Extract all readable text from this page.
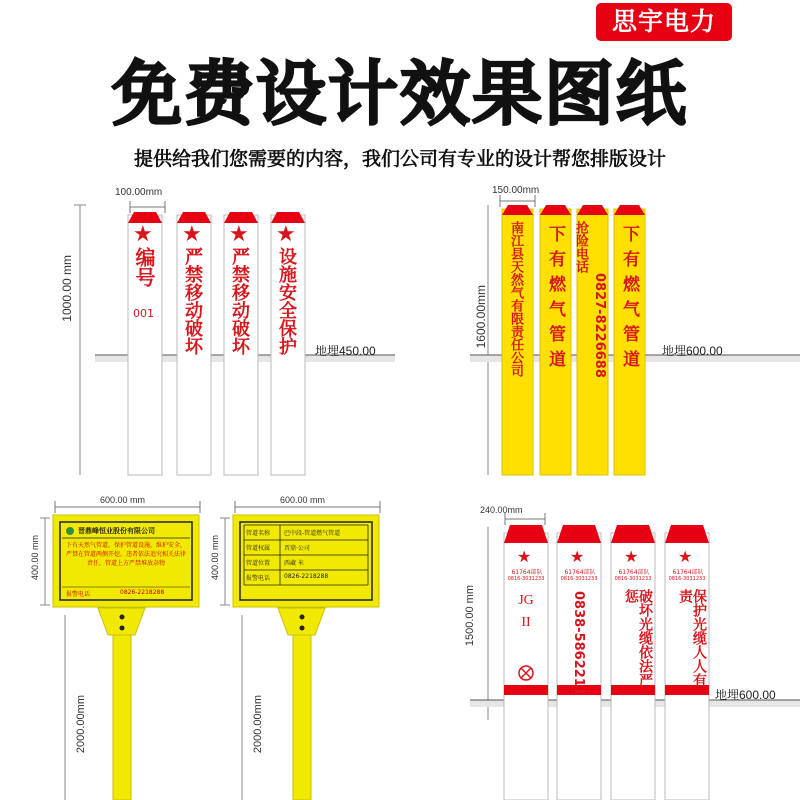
思宇电力
免费设计效果图纸
提供给我们您需要的内容，我们公司有专业的设计帮您排版设计
100.00mm
1000.00 mm
地埋450.00
★
编号
001
★
严禁移动破坏
★
严禁移动破坏
★
设施安全保护
150.00mm
1600.00mm
地埋600.00
南江县天然气有限责任公司 下有燃气管道 抢险电话
0827-8226688 下有燃气管道
600.00 mm
400.00 mm
2000.00mm
晋鼎峰恒业股份有限公司
下有天然气管道，保护管道设施，维护安全，严禁在管道两侧开挖，违者依法追究相关法律责任，管道上方严禁堆放杂物
报警电话	0826-2218288
600.00 mm
400.00 mm
2000.00mm
管道名称 巴中段-管道燃气管道
管道权属 晋鼎·公司
管道位置 西藏 米
报警电话 0826-2218288
240.00mm
1500.00 mm
地埋600.00
★
61764部队
0816-3031233
JG
II
★
61764部队
0816-3031233
0838-5862211
★
61764部队
0816-3031233
破坏光缆依法严惩
★
61764部队
0816-3031233
保护光缆人人有责
